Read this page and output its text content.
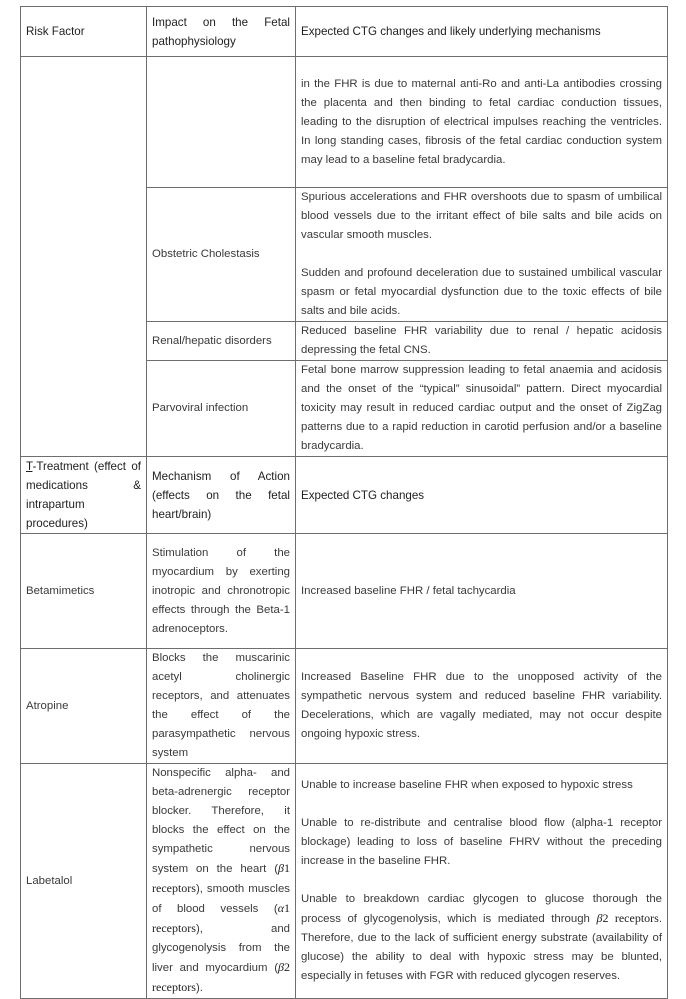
Risk Factor	Impact on the Fetal pathophysiology	Expected CTG changes and likely underlying mechanisms
		in the FHR is due to maternal anti-Ro and anti-La antibodies crossing the placenta and then binding to fetal cardiac conduction tissues, leading to the disruption of electrical impulses reaching the ventricles. In long standing cases, fibrosis of the fetal cardiac conduction system may lead to a baseline fetal bradycardia.
	Obstetric Cholestasis	Spurious accelerations and FHR overshoots due to spasm of umbilical blood vessels due to the irritant effect of bile salts and bile acids on vascular smooth muscles.
Sudden and profound deceleration due to sustained umbilical vascular spasm or fetal myocardial dysfunction due to the toxic effects of bile salts and bile acids.
	Renal/hepatic disorders	Reduced baseline FHR variability due to renal / hepatic acidosis depressing the fetal CNS.
	Parvoviral infection	Fetal bone marrow suppression leading to fetal anaemia and acidosis and the onset of the “typical” sinusoidal” pattern. Direct myocardial toxicity may result in reduced cardiac output and the onset of ZigZag patterns due to a rapid reduction in carotid perfusion and/or a baseline bradycardia.
T-Treatment (effect of medications & intrapartum procedures)	Mechanism of Action (effects on the fetal heart/brain)	Expected CTG changes
Betamimetics	Stimulation of the myocardium by exerting inotropic and chronotropic effects through the Beta-1 adrenoceptors.	Increased baseline FHR / fetal tachycardia
Atropine	Blocks the muscarinic acetyl cholinergic receptors, and attenuates the effect of the parasympathetic nervous system	Increased Baseline FHR due to the unopposed activity of the sympathetic nervous system and reduced baseline FHR variability. Decelerations, which are vagally mediated, may not occur despite ongoing hypoxic stress.
Labetalol	Nonspecific alpha- and beta-adrenergic receptor blocker. Therefore, it blocks the effect on the sympathetic nervous system on the heart (β1 receptors), smooth muscles of blood vessels (α1 receptors), and glycogenolysis from the liver and myocardium (β2 receptors).	Unable to increase baseline FHR when exposed to hypoxic stress
Unable to re-distribute and centralise blood flow (alpha-1 receptor blockage) leading to loss of baseline FHRV without the preceding increase in the baseline FHR.
Unable to breakdown cardiac glycogen to glucose thorough the process of glycogenolysis, which is mediated through β2 receptors. Therefore, due to the lack of sufficient energy substrate (availability of glucose) the ability to deal with hypoxic stress may be blunted, especially in fetuses with FGR with reduced glycogen reserves.
